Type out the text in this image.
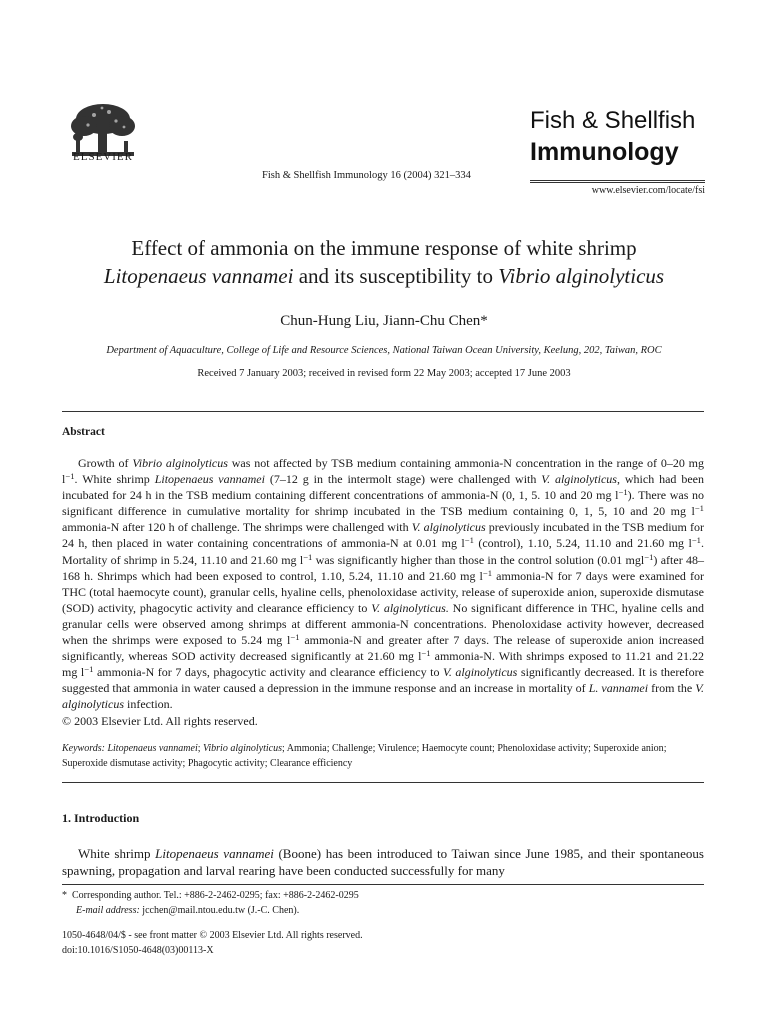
ELSEVIER
Fish & Shellfish Immunology 16 (2004) 321–334
Fish & Shellfish
Immunology
www.elsevier.com/locate/fsi
Effect of ammonia on the immune response of white shrimp
Litopenaeus vannamei and its susceptibility to Vibrio alginolyticus
Chun-Hung Liu, Jiann-Chu Chen*
Department of Aquaculture, College of Life and Resource Sciences, National Taiwan Ocean University, Keelung, 202, Taiwan, ROC
Received 7 January 2003; received in revised form 22 May 2003; accepted 17 June 2003
Abstract
Growth of Vibrio alginolyticus was not affected by TSB medium containing ammonia-N concentration in the range of 0–20 mg $l^{-1}$. White shrimp Litopenaeus vannamei (7–12 g in the intermolt stage) were challenged with V. alginolyticus, which had been incubated for 24 h in the TSB medium containing different concentrations of ammonia-N (0, 1, 5. 10 and 20 mg $l^{-1}$). There was no significant difference in cumulative mortality for shrimp incubated in the TSB medium containing 0, 1, 5, 10 and 20 mg $l^{-1}$ ammonia-N after 120 h of challenge. The shrimps were challenged with V. alginolyticus previously incubated in the TSB medium for 24 h, then placed in water containing concentrations of ammonia-N at 0.01 mg $l^{-1}$ (control), 1.10, 5.24, 11.10 and 21.60 mg $l^{-1}$. Mortality of shrimp in 5.24, 11.10 and 21.60 mg $l^{-1}$ was significantly higher than those in the control solution (0.01 mgl$^{-1}$) after 48–168 h. Shrimps which had been exposed to control, 1.10, 5.24, 11.10 and 21.60 mg $l^{-1}$ ammonia-N for 7 days were examined for THC (total haemocyte count), granular cells, hyaline cells, phenoloxidase activity, release of superoxide anion, superoxide dismutase (SOD) activity, phagocytic activity and clearance efficiency to V. alginolyticus. No significant difference in THC, hyaline cells and granular cells were observed among shrimps at different ammonia-N concentrations. Phenoloxidase activity however, decreased when the shrimps were exposed to 5.24 mg $l^{-1}$ ammonia-N and greater after 7 days. The release of superoxide anion increased significantly, whereas SOD activity decreased significantly at 21.60 mg $l^{-1}$ ammonia-N. With shrimps exposed to 11.21 and 21.22 mg $l^{-1}$ ammonia-N for 7 days, phagocytic activity and clearance efficiency to V. alginolyticus significantly decreased. It is therefore suggested that ammonia in water caused a depression in the immune response and an increase in mortality of L. vannamei from the V. alginolyticus infection.
© 2003 Elsevier Ltd. All rights reserved.
Keywords: Litopenaeus vannamei; Vibrio alginolyticus; Ammonia; Challenge; Virulence; Haemocyte count; Phenoloxidase activity; Superoxide anion; Superoxide dismutase activity; Phagocytic activity; Clearance efficiency
1. Introduction
White shrimp Litopenaeus vannamei (Boone) has been introduced to Taiwan since June 1985, and their spontaneous spawning, propagation and larval rearing have been conducted successfully for many
* Corresponding author. Tel.: +886-2-2462-0295; fax: +886-2-2462-0295
E-mail address: jcchen@mail.ntou.edu.tw (J.-C. Chen).
1050-4648/04/$ - see front matter © 2003 Elsevier Ltd. All rights reserved.
doi:10.1016/S1050-4648(03)00113-X
